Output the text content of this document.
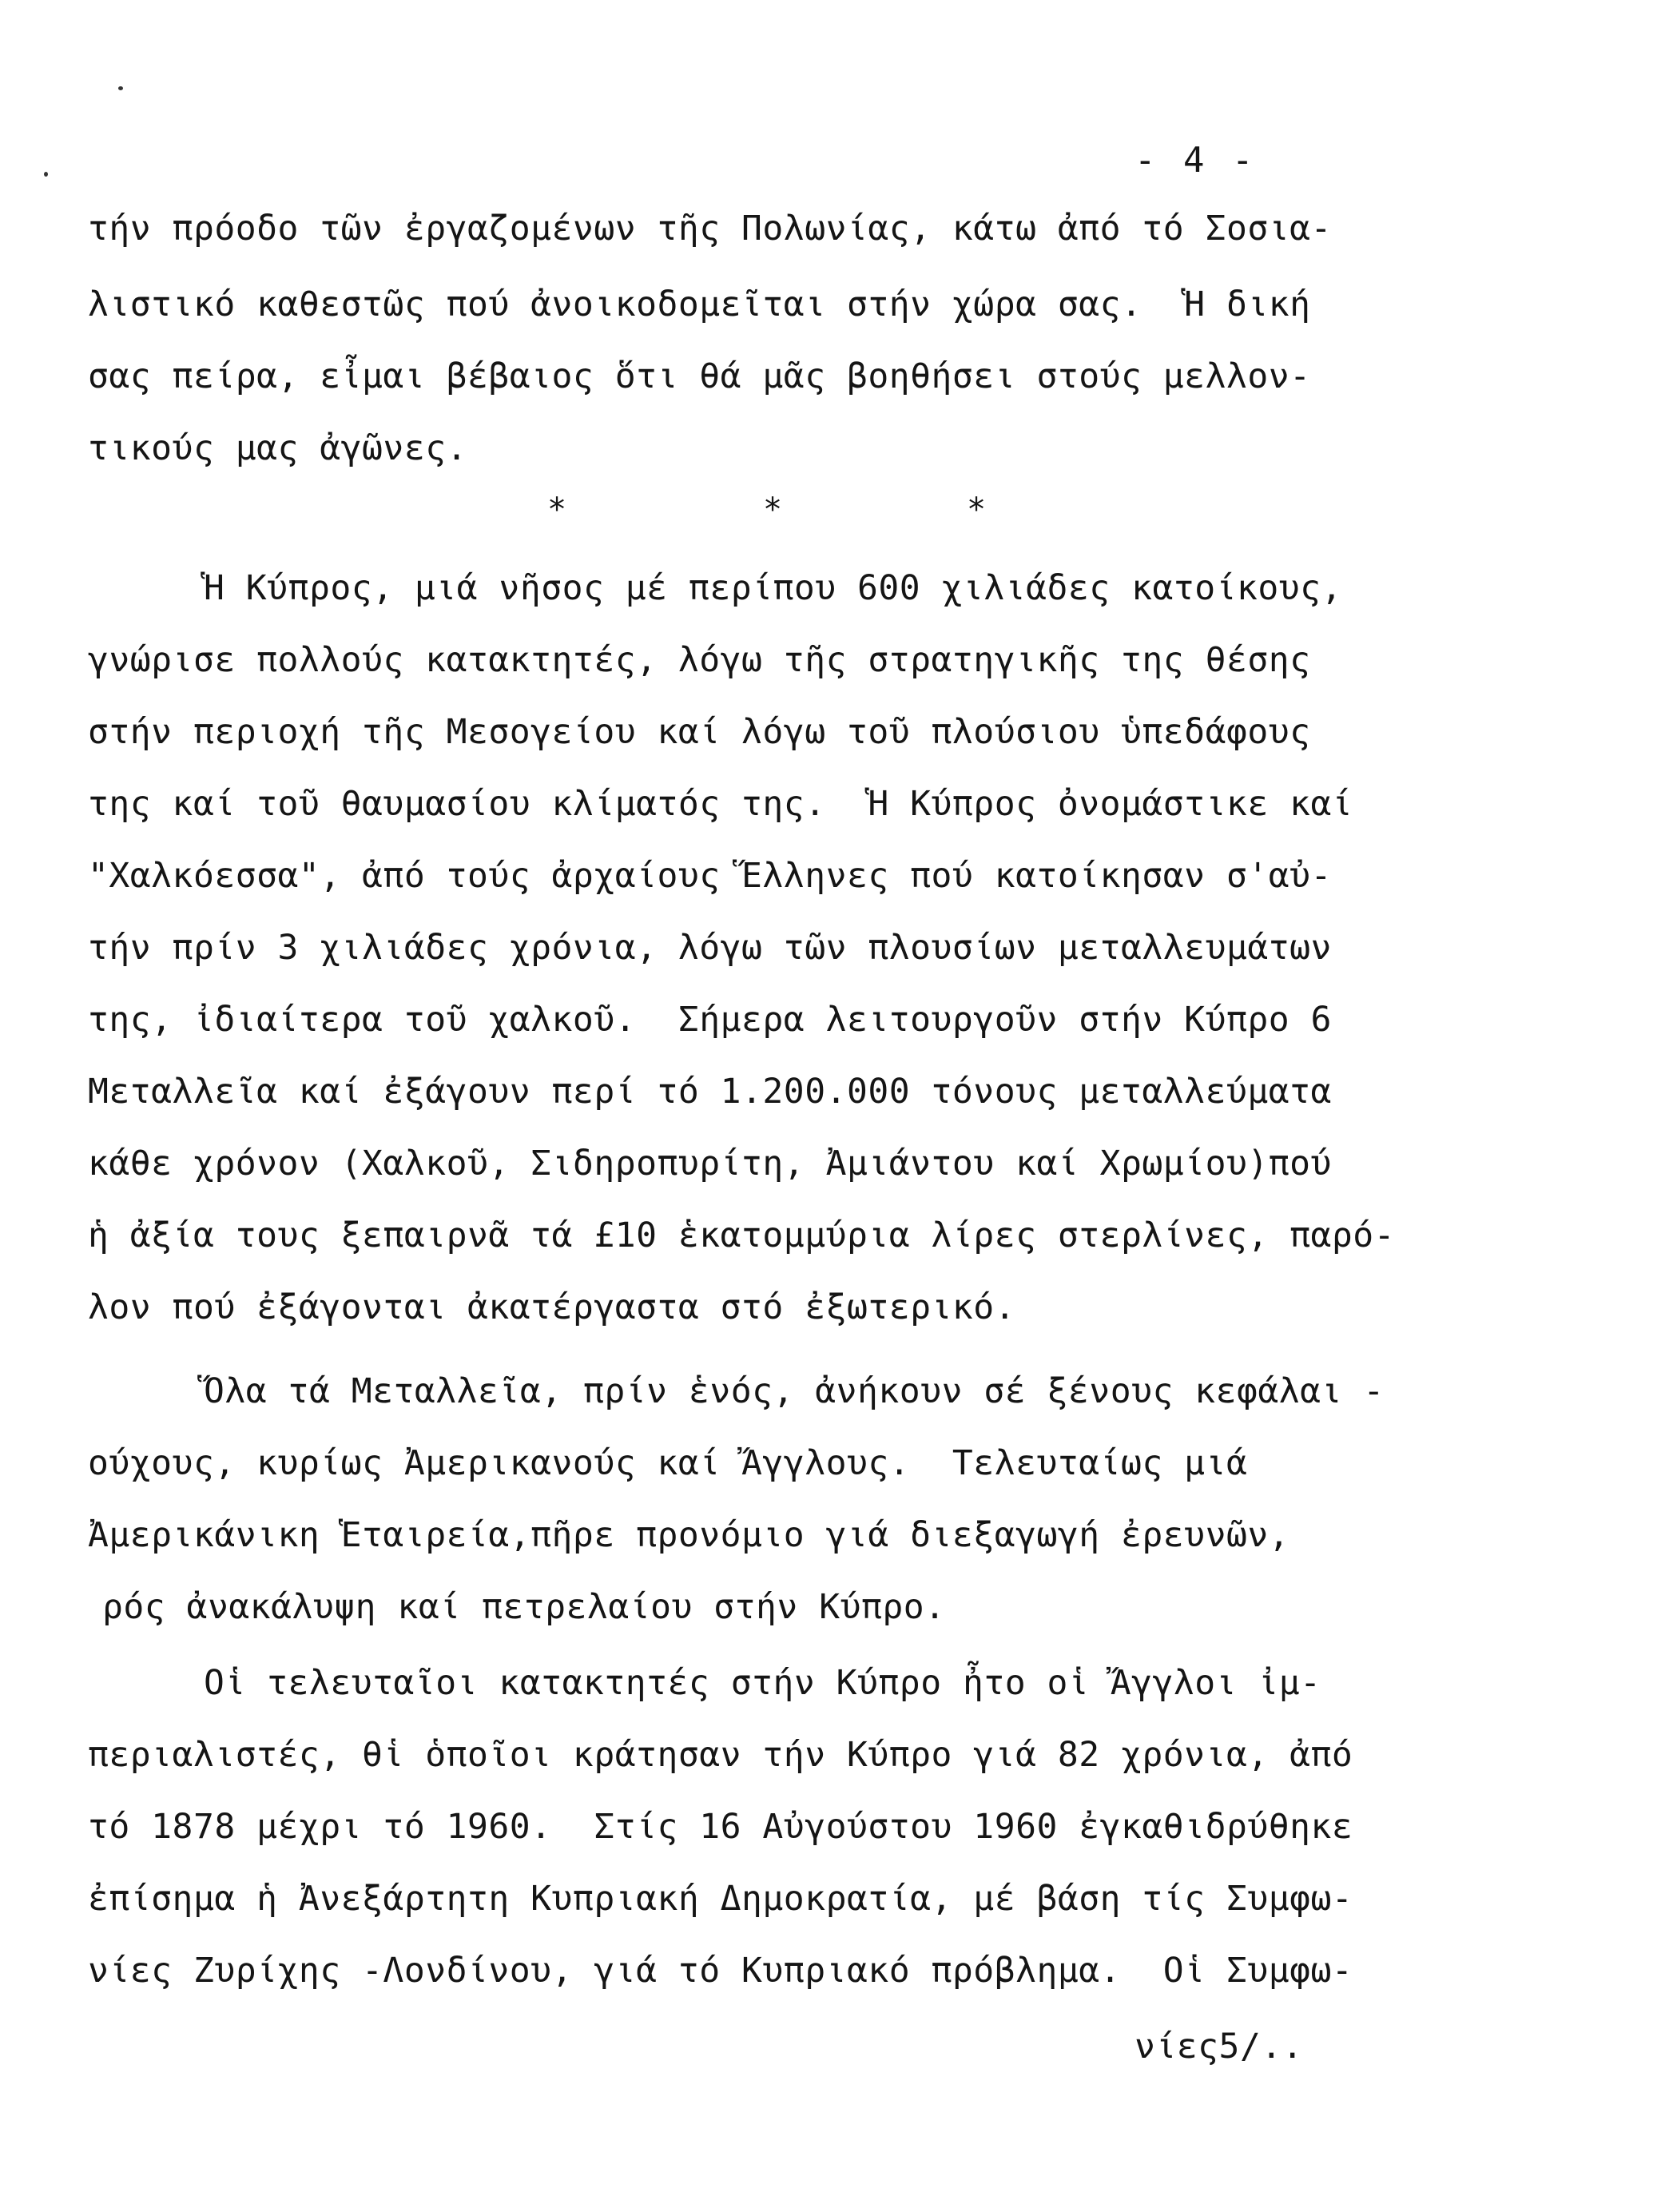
- 4 -
τήν πρόοδο τῶν ἐργαζομένων τῆς Πολωνίας, κάτω ἀπό τό Σοσια-
λιστικό καθεστῶς πού ἀνοικοδομεῖται στήν χώρα σας.  Ἡ δική
σας πείρα, εἶμαι βέβαιος ὅτι θά μᾶς βοηθήσει στούς μελλον-
τικούς μας ἀγῶνες.
*	*	*
Ἡ Κύπρος, μιά νῆσος μέ περίπου 600 χιλιάδες κατοίκους,
γνώρισε πολλούς κατακτητές, λόγω τῆς στρατηγικῆς της θέσης
στήν περιοχή τῆς Μεσογείου καί λόγω τοῦ πλούσιου ὑπεδάφους
της καί τοῦ θαυμασίου κλίματός της.  Ἡ Κύπρος ὀνομάστικε καί
"Χαλκόεσσα", ἀπό τούς ἀρχαίους Ἕλληνες πού κατοίκησαν σ'αὐ-
τήν πρίν 3 χιλιάδες χρόνια, λόγω τῶν πλουσίων μεταλλευμάτων
της, ἰδιαίτερα τοῦ χαλκοῦ.  Σήμερα λειτουργοῦν στήν Κύπρο 6
Μεταλλεῖα καί ἐξάγουν περί τό 1.200.000 τόνους μεταλλεύματα
κάθε χρόνον (Χαλκοῦ, Σιδηροπυρίτη, Ἀμιάντου καί Χρωμίου)πού
ἡ ἀξία τους ξεπαιρνᾶ τά £10 ἑκατομμύρια λίρες στερλίνες, παρό-
λον πού ἐξάγονται ἀκατέργαστα στό ἐξωτερικό.
Ὅλα τά Μεταλλεῖα, πρίν ἑνός, ἀνήκουν σέ ξένους κεφάλαι -
ούχους, κυρίως Ἀμερικανούς καί Ἄγγλους.  Τελευταίως μιά
Ἀμερικάνικη Ἑταιρεία,πῆρε προνόμιο γιά διεξαγωγή ἐρευνῶν,
ρός ἀνακάλυψη καί πετρελαίου στήν Κύπρο.
Οἱ τελευταῖοι κατακτητές στήν Κύπρο ἦτο οἱ Ἄγγλοι ἰμ-
περιαλιστές, θἱ ὁποῖοι κράτησαν τήν Κύπρο γιά 82 χρόνια, ἀπό
τό 1878 μέχρι τό 1960.  Στίς 16 Αὐγούστου 1960 ἐγκαθιδρύθηκε
ἐπίσημα ἡ Ἀνεξάρτητη Κυπριακή Δημοκρατία, μέ βάση τίς Συμφω-
νίες Ζυρίχης -Λονδίνου, γιά τό Κυπριακό πρόβλημα.  Οἱ Συμφω-
νίες5/..
